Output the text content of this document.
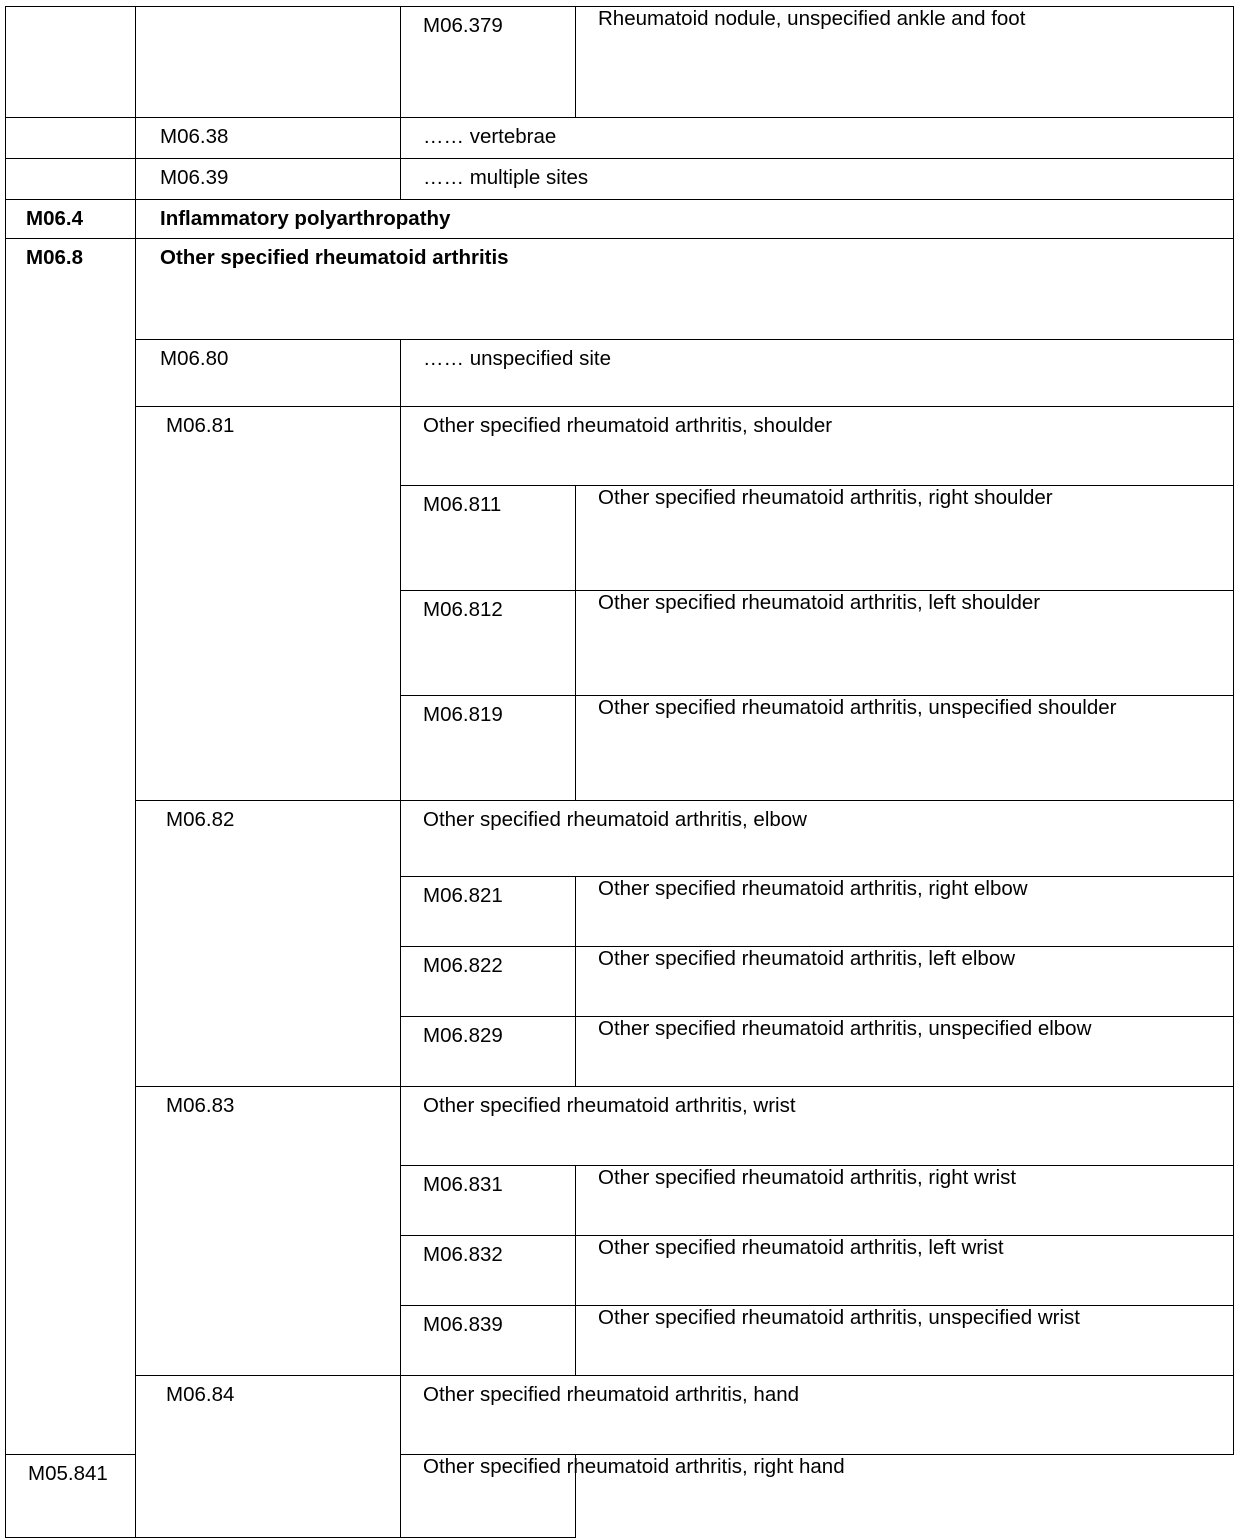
		M06.379	Rheumatoid nodule, unspecified ankle and foot

	M06.38	…… vertebrae	

	M06.39	…… multiple sites	

M06.4	Inflammatory polyarthropathy		

M06.8	Other specified rheumatoid arthritis		

	M06.80	…… unspecified site	

	M06.81	Other specified rheumatoid arthritis, shoulder	

		M06.811	Other specified rheumatoid arthritis, right shoulder

		M06.812	Other specified rheumatoid arthritis, left shoulder

		M06.819	Other specified rheumatoid arthritis, unspecified shoulder

	M06.82	Other specified rheumatoid arthritis, elbow	

		M06.821	Other specified rheumatoid arthritis, right elbow

		M06.822	Other specified rheumatoid arthritis, left elbow

		M06.829	Other specified rheumatoid arthritis, unspecified elbow

	M06.83	Other specified rheumatoid arthritis, wrist	

		M06.831	Other specified rheumatoid arthritis, right wrist

		M06.832	Other specified rheumatoid arthritis, left wrist

		M06.839	Other specified rheumatoid arthritis, unspecified wrist

	M06.84	Other specified rheumatoid arthritis, hand	

M05.841		Other specified rheumatoid arthritis, right hand	
